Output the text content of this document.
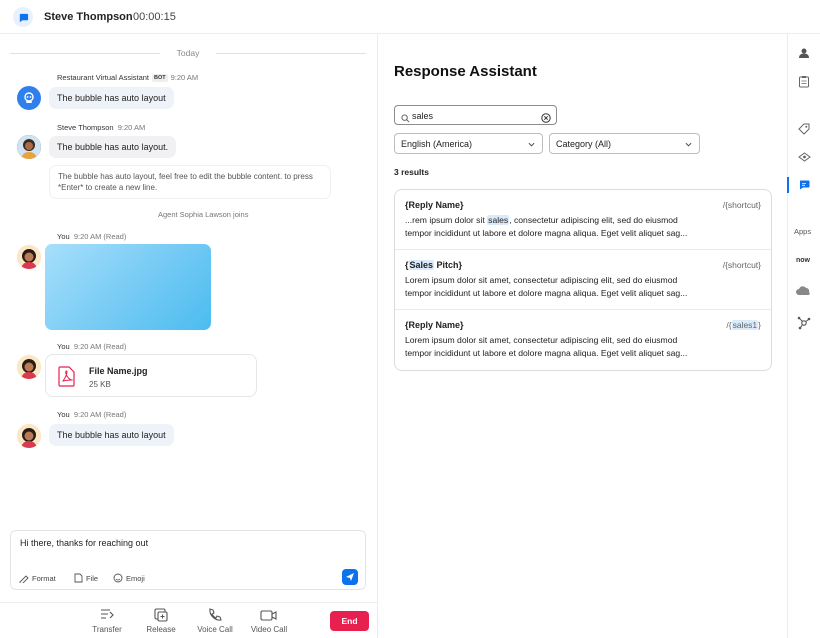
Steve Thompson 00:00:15
Today
Restaurant Virtual Assistant BOT 9:20 AM
The bubble has auto layout
Steve Thompson 9:20 AM
The bubble has auto layout.
The bubble has auto layout, feel free to edit the bubble content. to press *Enter* to create a new line.
Agent Sophia Lawson joins
You 9:20 AM (Read)
You 9:20 AM (Read)
File Name.jpg
25 KB
You 9:20 AM (Read)
The bubble has auto layout
Hi there, thanks for reaching out
Format	File	Emoji
Transfer	Release	Voice Call	Video Call
End
Response Assistant
sales
English (America)	Category (All)
3 results
{Reply Name}	/{shortcut}
...rem ipsum dolor sit sales, consectetur adipiscing elit, sed do eiusmod
tempor incididunt ut labore et dolore magna aliqua. Eget velit aliquet sag...
{Sales Pitch}	/{shortcut}
Lorem ipsum dolor sit amet, consectetur adipiscing elit, sed do eiusmod
tempor incididunt ut labore et dolore magna aliqua. Eget velit aliquet sag...
{Reply Name}	/{sales1}
Lorem ipsum dolor sit amet, consectetur adipiscing elit, sed do eiusmod
tempor incididunt ut labore et dolore magna aliqua. Eget velit aliquet sag...
Apps
now
